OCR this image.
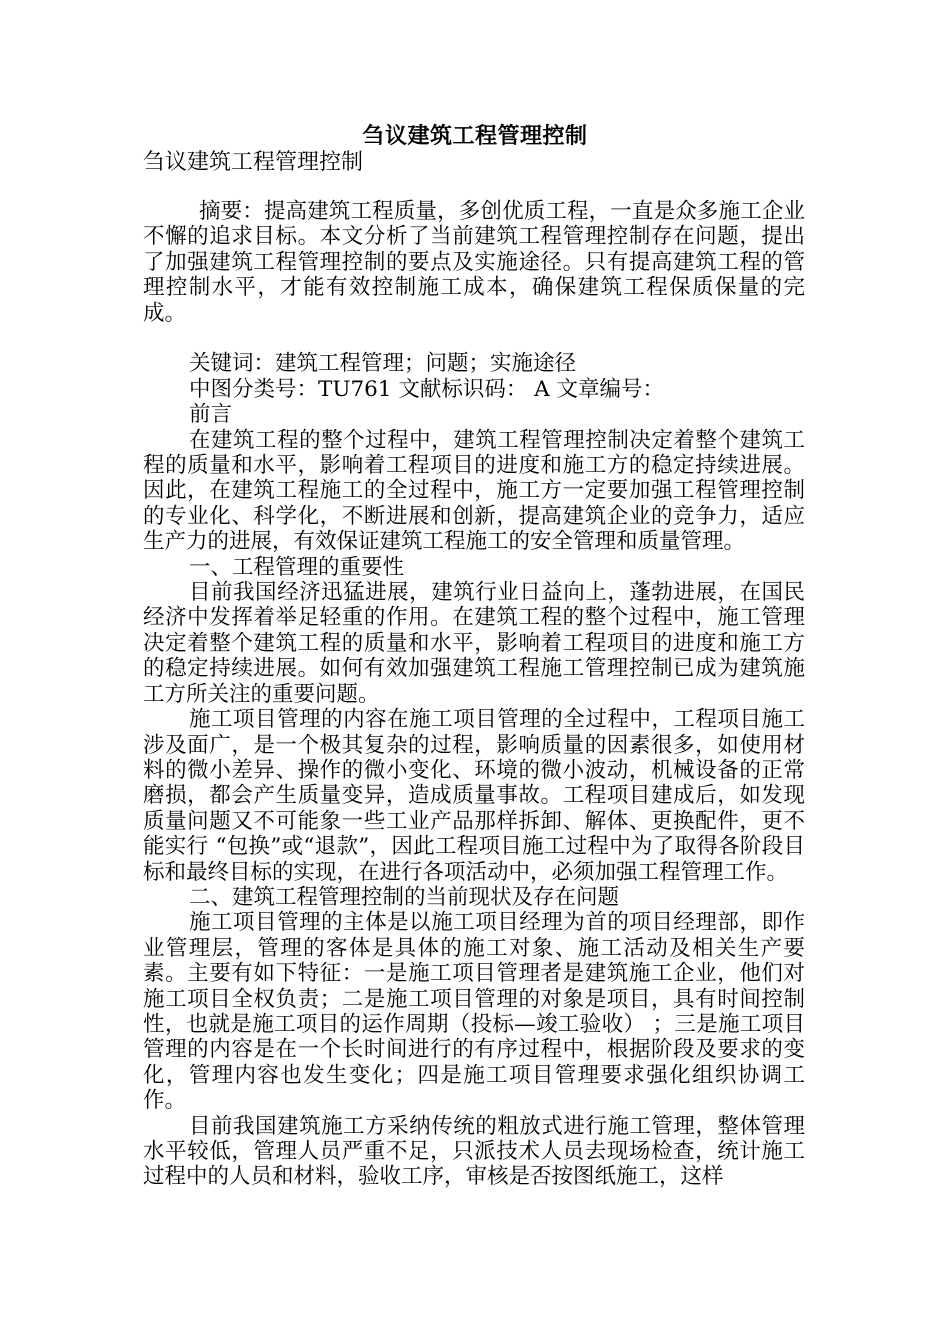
刍议建筑工程管理控制
刍议建筑工程管理控制

摘要：提高建筑工程质量，多创优质工程，一直是众多施工企业不懈的追求目标。本文分析了当前建筑工程管理控制存在问题，提出了加强建筑工程管理控制的要点及实施途径。只有提高建筑工程的管理控制水平，才能有效控制施工成本，确保建筑工程保质保量的完成。

关键词：建筑工程管理；问题；实施途径

中图分类号：TU761 文献标识码： A 文章编号：

前言

在建筑工程的整个过程中，建筑工程管理控制决定着整个建筑工程的质量和水平，影响着工程项目的进度和施工方的稳定持续进展。因此，在建筑工程施工的全过程中，施工方一定要加强工程管理控制的专业化、科学化，不断进展和创新，提高建筑企业的竞争力，适应生产力的进展，有效保证建筑工程施工的安全管理和质量管理。

一、工程管理的重要性

目前我国经济迅猛进展，建筑行业日益向上，蓬勃进展，在国民经济中发挥着举足轻重的作用。在建筑工程的整个过程中，施工管理决定着整个建筑工程的质量和水平，影响着工程项目的进度和施工方的稳定持续进展。如何有效加强建筑工程施工管理控制已成为建筑施工方所关注的重要问题。

施工项目管理的内容在施工项目管理的全过程中，工程项目施工涉及面广，是一个极其复杂的过程，影响质量的因素很多，如使用材料的微小差异、操作的微小变化、环境的微小波动，机械设备的正常磨损，都会产生质量变异，造成质量事故。工程项目建成后，如发现质量问题又不可能象一些工业产品那样拆卸、解体、更换配件，更不能实行 “包换”或“退款”，因此工程项目施工过程中为了取得各阶段目标和最终目标的实现，在进行各项活动中，必须加强工程管理工作。

二、建筑工程管理控制的当前现状及存在问题

施工项目管理的主体是以施工项目经理为首的项目经理部，即作业管理层，管理的客体是具体的施工对象、施工活动及相关生产要素。主要有如下特征：一是施工项目管理者是建筑施工企业，他们对施工项目全权负责；二是施工项目管理的对象是项目，具有时间控制性，也就是施工项目的运作周期（投标—竣工验收） ；三是施工项目管理的内容是在一个长时间进行的有序过程中，根据阶段及要求的变化，管理内容也发生变化；四是施工项目管理要求强化组织协调工作。

目前我国建筑施工方采纳传统的粗放式进行施工管理，整体管理水平较低，管理人员严重不足，只派技术人员去现场检查，统计施工过程中的人员和材料，验收工序，审核是否按图纸施工，这样
